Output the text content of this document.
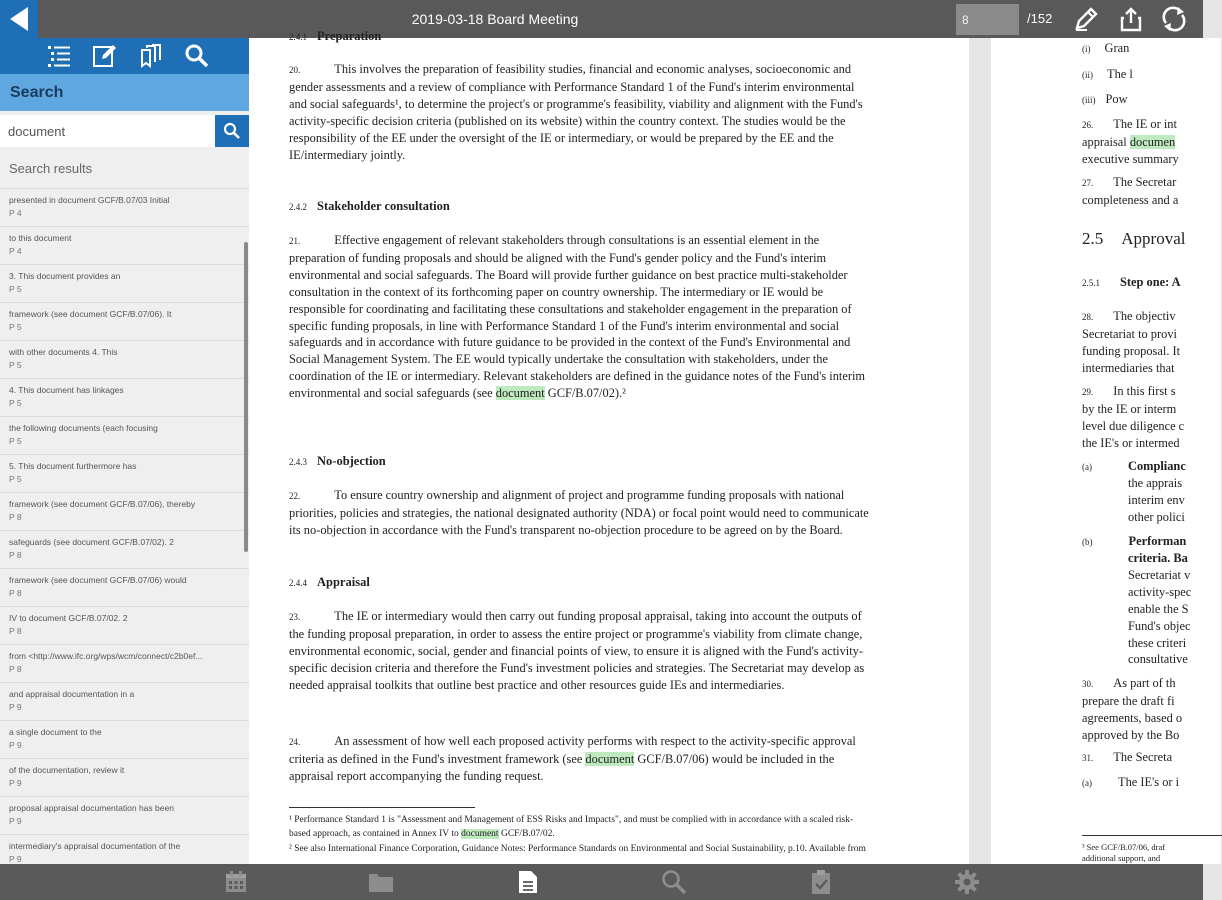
2019-03-18 Board Meeting
8	/152
Search
document
Search results
presented in document GCF/B.07/03 Initial
P 4
to this document
P 4
3. This document provides an
P 5
framework (see document GCF/B.07/06). It
P 5
with other documents 4. This
P 5
4. This document has linkages
P 5
the following documents (each focusing
P 5
5. This document furthermore has
P 5
framework (see document GCF/B.07/06), thereby
P 8
safeguards (see document GCF/B.07/02). 2
P 8
framework (see document GCF/B.07/06) would
P 8
IV to document GCF/B.07/02. 2
P 8
from <http://www.ifc.org/wps/wcm/connect/c2b0ef...
P 8
and appraisal documentation in a
P 9
a single document to the
P 9
of the documentation, review it
P 9
proposal appraisal documentation has been
P 9
intermediary's appraisal documentation of the
P 9
2.4.1 Preparation
20.	This involves the preparation of feasibility studies, financial and economic analyses, socioeconomic and gender assessments and a review of compliance with Performance Standard 1 of the Fund's interim environmental and social safeguards¹, to determine the project's or programme's feasibility, viability and alignment with the Fund's activity-specific decision criteria (published on its website) within the country context. The studies would be the responsibility of the EE under the oversight of the IE or intermediary, or would be prepared by the EE and the IE/intermediary jointly.
2.4.2 Stakeholder consultation
21.	Effective engagement of relevant stakeholders through consultations is an essential element in the preparation of funding proposals and should be aligned with the Fund's gender policy and the Fund's interim environmental and social safeguards. The Board will provide further guidance on best practice multi-stakeholder consultation in the context of its forthcoming paper on country ownership. The intermediary or IE would be responsible for coordinating and facilitating these consultations and stakeholder engagement in the preparation of specific funding proposals, in line with Performance Standard 1 of the Fund's interim environmental and social safeguards and in accordance with future guidance to be provided in the context of the Fund's Environmental and Social Management System. The EE would typically undertake the consultation with stakeholders, under the coordination of the IE or intermediary. Relevant stakeholders are defined in the guidance notes of the Fund's interim environmental and social safeguards (see document GCF/B.07/02).²
2.4.3 No-objection
22.	To ensure country ownership and alignment of project and programme funding proposals with national priorities, policies and strategies, the national designated authority (NDA) or focal point would need to communicate its no-objection in accordance with the Fund's transparent no-objection procedure to be agreed on by the Board.
2.4.4 Appraisal
23.	The IE or intermediary would then carry out funding proposal appraisal, taking into account the outputs of the funding proposal preparation, in order to assess the entire project or programme's viability from climate change, environmental economic, social, gender and financial points of view, to ensure it is aligned with the Fund's activity-specific decision criteria and therefore the Fund's investment policies and strategies. The Secretariat may develop as needed appraisal toolkits that outline best practice and other resources guide IEs and intermediaries.
24.	An assessment of how well each proposed activity performs with respect to the activity-specific approval criteria as defined in the Fund's investment framework (see document GCF/B.07/06) would be included in the appraisal report accompanying the funding request.
¹ Performance Standard 1 is "Assessment and Management of ESS Risks and Impacts", and must be complied with in accordance with a scaled risk-based approach, as contained in Annex IV to document GCF/B.07/02.
² See also International Finance Corporation, Guidance Notes: Performance Standards on Environmental and Social Sustainability, p.10. Available from
(i) Gran
(ii) The l
(iii) Pow
26. The IE or int
appraisal documen
executive summary
27. The Secretar
completeness and a
2.5 Approval
2.5.1 Step one: A
28. The objectiv
Secretariat to provi
funding proposal. It
intermediaries that
29. In this first s
by the IE or interm
level due diligence c
the IE's or intermed
(a)	Complianc
the apprais
interim env
other polici
(b)	Performan
criteria. Ba
Secretariat v
activity-spec
enable the S
Fund's objec
these criteri
consultative
30. As part of th
prepare the draft fi
agreements, based o
approved by the Bo
31. The Secreta
(a) The IE's or i
³ See GCF/B.07/06, draf
additional support, and
